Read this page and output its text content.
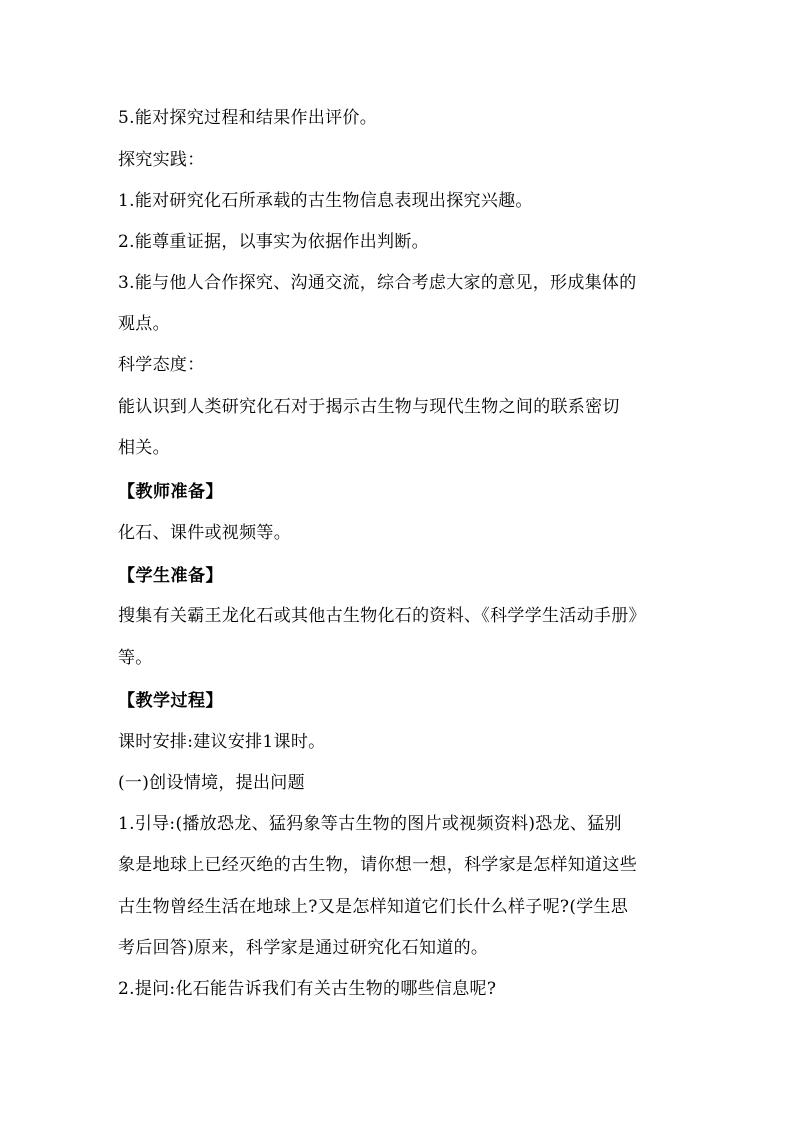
5.能对探究过程和结果作出评价。
探究实践：
1.能对研究化石所承载的古生物信息表现出探究兴趣。
2.能尊重证据，以事实为依据作出判断。
3.能与他人合作探究、沟通交流，综合考虑大家的意见，形成集体的
观点。
科学态度：
能认识到人类研究化石对于揭示古生物与现代生物之间的联系密切
相关。
【教师准备】
化石、课件或视频等。
【学生准备】
搜集有关霸王龙化石或其他古生物化石的资料、《科学学生活动手册》
等。
【教学过程】
课时安排:建议安排1课时。
(一)创设情境，提出问题
1.引导:(播放恐龙、猛犸象等古生物的图片或视频资料)恐龙、猛别
象是地球上已经灭绝的古生物，请你想一想，科学家是怎样知道这些
古生物曾经生活在地球上?又是怎样知道它们长什么样子呢?(学生思
考后回答)原来，科学家是通过研究化石知道的。
2.提问:化石能告诉我们有关古生物的哪些信息呢?
